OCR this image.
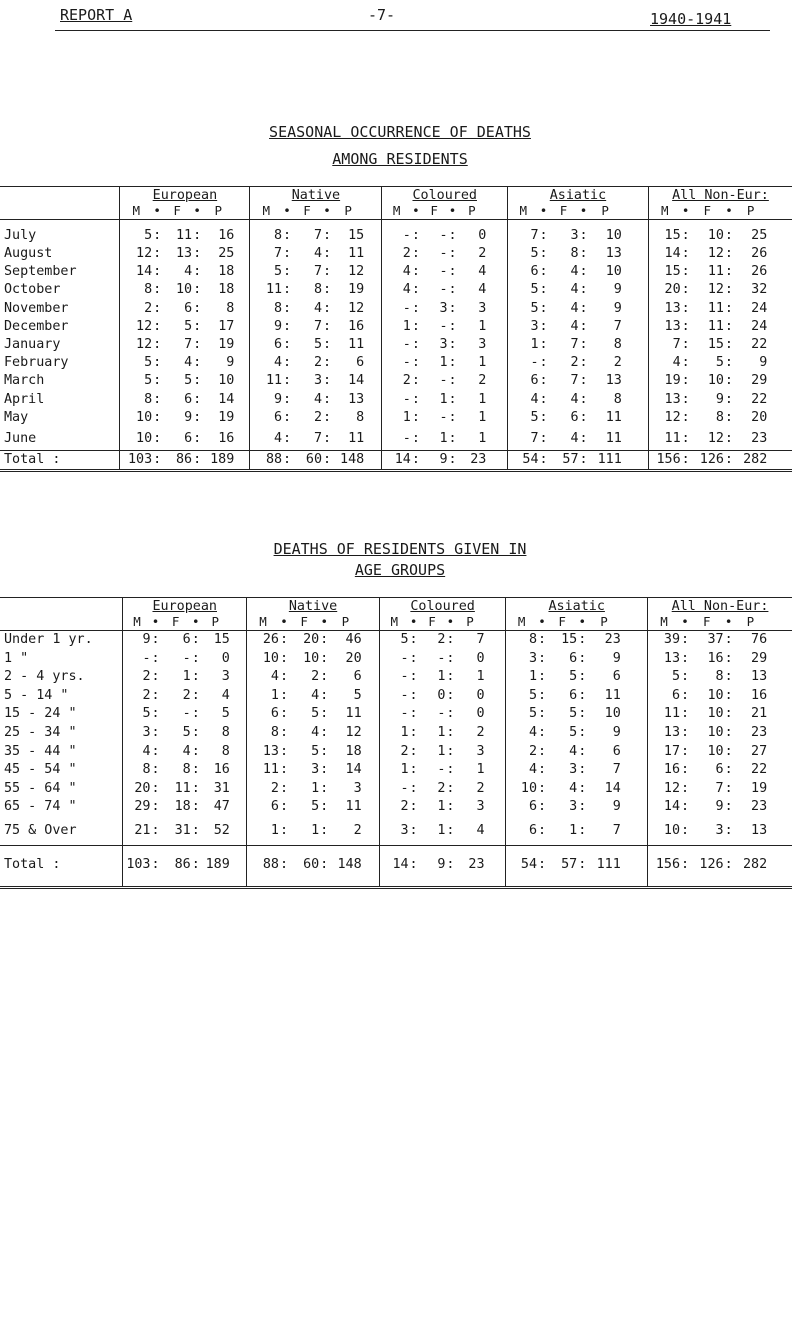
REPORT A	-7-	1940-1941
SEASONAL OCCURRENCE OF DEATHS
AMONG RESIDENTS
	European						Native						Coloured						Asiatic						All Non-Eur:					
	M	•	F	•	P		M	•	F	•	P		M	•	F	•	P		M	•	F	•	P		M	•	F	•	P	
July	5	:	11	:	16		8	:	7	:	15		-	:	-	:	0		7	:	3	:	10		15	:	10	:	25	
August	12	:	13	:	25		7	:	4	:	11		2	:	-	:	2		5	:	8	:	13		14	:	12	:	26	
September	14	:	4	:	18		5	:	7	:	12		4	:	-	:	4		6	:	4	:	10		15	:	11	:	26	
October	8	:	10	:	18		11	:	8	:	19		4	:	-	:	4		5	:	4	:	9		20	:	12	:	32	
November	2	:	6	:	8		8	:	4	:	12		-	:	3	:	3		5	:	4	:	9		13	:	11	:	24	
December	12	:	5	:	17		9	:	7	:	16		1	:	-	:	1		3	:	4	:	7		13	:	11	:	24	
January	12	:	7	:	19		6	:	5	:	11		-	:	3	:	3		1	:	7	:	8		7	:	15	:	22	
February	5	:	4	:	9		4	:	2	:	6		-	:	1	:	1		-	:	2	:	2		4	:	5	:	9	
March	5	:	5	:	10		11	:	3	:	14		2	:	-	:	2		6	:	7	:	13		19	:	10	:	29	
April	8	:	6	:	14		9	:	4	:	13		-	:	1	:	1		4	:	4	:	8		13	:	9	:	22	
May	10	:	9	:	19		6	:	2	:	8		1	:	-	:	1		5	:	6	:	11		12	:	8	:	20	
June	10	:	6	:	16		4	:	7	:	11		-	:	1	:	1		7	:	4	:	11		11	:	12	:	23	
Total :	103	:	86	:	189		88	:	60	:	148		14	:	9	:	23		54	:	57	:	111		156	:	126	:	282	
DEATHS OF RESIDENTS GIVEN IN
AGE GROUPS
	European						Native						Coloured						Asiatic						All Non-Eur:					
	M	•	F	•	P		M	•	F	•	P		M	•	F	•	P		M	•	F	•	P		M	•	F	•	P	
Under 1 yr.	9	:	6	:	15		26	:	20	:	46		5	:	2	:	7		8	:	15	:	23		39	:	37	:	76	
1 "	-	:	-	:	0		10	:	10	:	20		-	:	-	:	0		3	:	6	:	9		13	:	16	:	29	
2 - 4 yrs.	2	:	1	:	3		4	:	2	:	6		-	:	1	:	1		1	:	5	:	6		5	:	8	:	13	
5 - 14 "	2	:	2	:	4		1	:	4	:	5		-	:	0	:	0		5	:	6	:	11		6	:	10	:	16	
15 - 24 "	5	:	-	:	5		6	:	5	:	11		-	:	-	:	0		5	:	5	:	10		11	:	10	:	21	
25 - 34 "	3	:	5	:	8		8	:	4	:	12		1	:	1	:	2		4	:	5	:	9		13	:	10	:	23	
35 - 44 "	4	:	4	:	8		13	:	5	:	18		2	:	1	:	3		2	:	4	:	6		17	:	10	:	27	
45 - 54 "	8	:	8	:	16		11	:	3	:	14		1	:	-	:	1		4	:	3	:	7		16	:	6	:	22	
55 - 64 "	20	:	11	:	31		2	:	1	:	3		-	:	2	:	2		10	:	4	:	14		12	:	7	:	19	
65 - 74 "	29	:	18	:	47		6	:	5	:	11		2	:	1	:	3		6	:	3	:	9		14	:	9	:	23	
75 & Over	21	:	31	:	52		1	:	1	:	2		3	:	1	:	4		6	:	1	:	7		10	:	3	:	13	
Total :	103	:	86	:	189		88	:	60	:	148		14	:	9	:	23		54	:	57	:	111		156	:	126	:	282	
